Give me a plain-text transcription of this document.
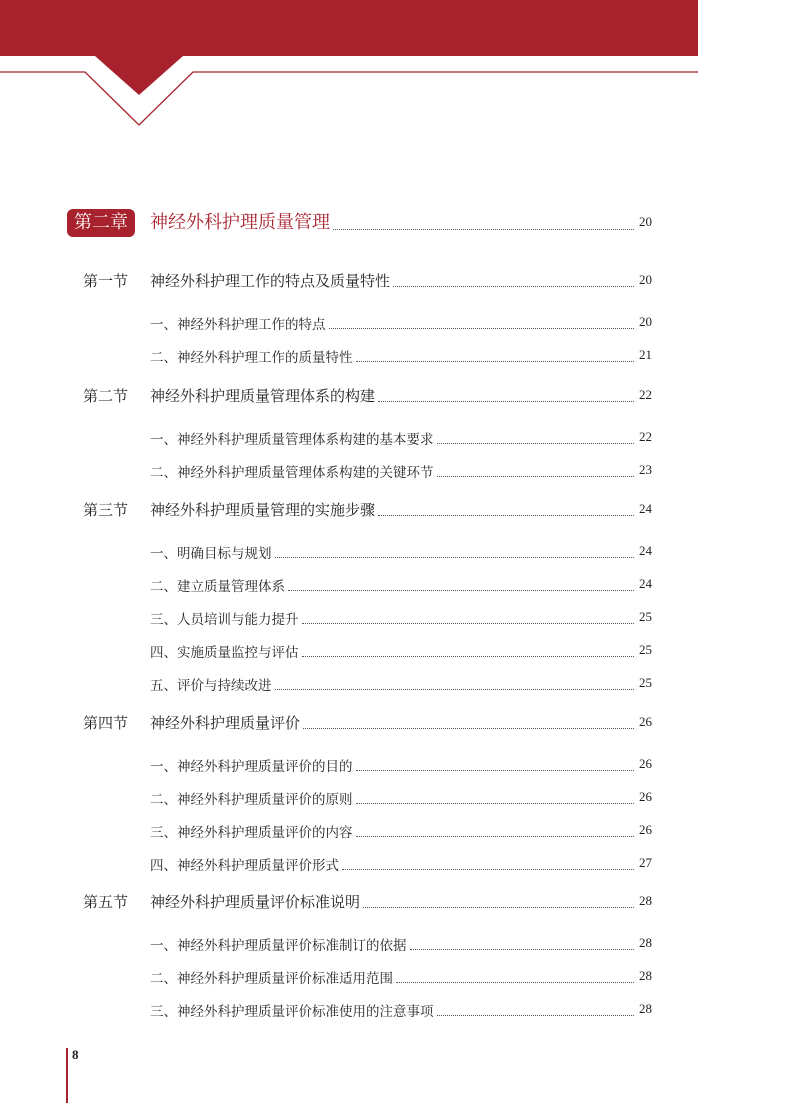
第二章	神经外科护理质量管理	20
第一节 神经外科护理工作的特点及质量特性	20
一、神经外科护理工作的特点	20
二、神经外科护理工作的质量特性	21
第二节 神经外科护理质量管理体系的构建	22
一、神经外科护理质量管理体系构建的基本要求	22
二、神经外科护理质量管理体系构建的关键环节	23
第三节 神经外科护理质量管理的实施步骤	24
一、明确目标与规划	24
二、建立质量管理体系	24
三、人员培训与能力提升	25
四、实施质量监控与评估	25
五、评价与持续改进	25
第四节 神经外科护理质量评价	26
一、神经外科护理质量评价的目的	26
二、神经外科护理质量评价的原则	26
三、神经外科护理质量评价的内容	26
四、神经外科护理质量评价形式	27
第五节 神经外科护理质量评价标准说明	28
一、神经外科护理质量评价标准制订的依据	28
二、神经外科护理质量评价标准适用范围	28
三、神经外科护理质量评价标准使用的注意事项	28
8
